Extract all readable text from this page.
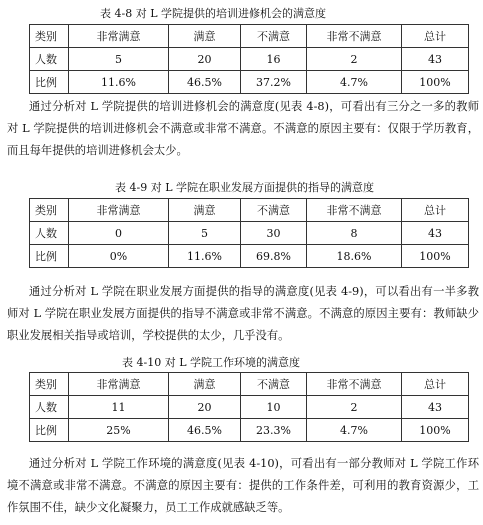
表 4-8 对 L 学院提供的培训进修机会的满意度
类别	非常满意	满意	不满意	非常不满意	总计
人数	5	20	16	2	43
比例	11.6%	46.5%	37.2%	4.7%	100%

通过分析对 L 学院提供的培训进修机会的满意度(见表 4-8)，可看出有三分之一多的教师对 L 学院提供的培训进修机会不满意或非常不满意。不满意的原因主要有：仅限于学历教育，而且每年提供的培训进修机会太少。

表 4-9 对 L 学院在职业发展方面提供的指导的满意度
类别	非常满意	满意	不满意	非常不满意	总计
人数	0	5	30	8	43
比例	0%	11.6%	69.8%	18.6%	100%

通过分析对 L 学院在职业发展方面提供的指导的满意度(见表 4-9)，可以看出有一半多教师对 L 学院在职业发展方面提供的指导不满意或非常不满意。不满意的原因主要有：教师缺少职业发展相关指导或培训，学校提供的太少，几乎没有。

表 4-10 对 L 学院工作环境的满意度
类别	非常满意	满意	不满意	非常不满意	总计
人数	11	20	10	2	43
比例	25%	46.5%	23.3%	4.7%	100%

通过分析对 L 学院工作环境的满意度(见表 4-10)，可看出有一部分教师对 L 学院工作环境不满意或非常不满意。不满意的原因主要有：提供的工作条件差，可利用的教育资源少，工作氛围不佳，缺少文化凝聚力，员工工作成就感缺乏等。
